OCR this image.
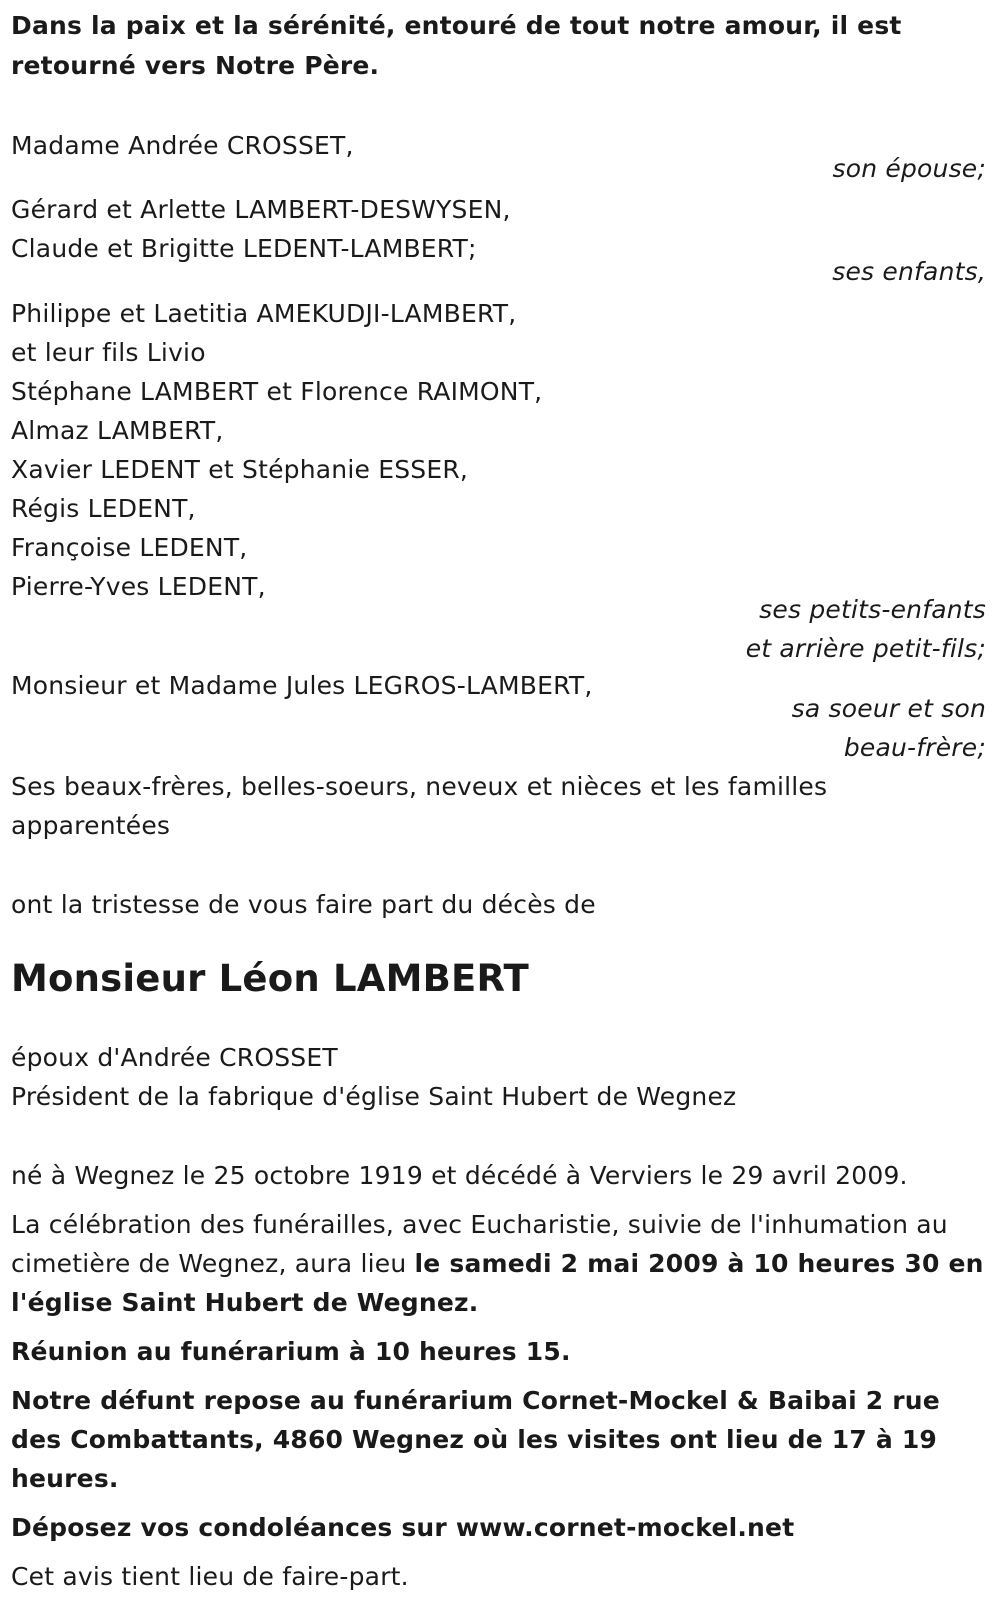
Dans la paix et la sérénité, entouré de tout notre amour, il est retourné vers Notre Père.

Madame Andrée CROSSET,
son épouse;
Gérard et Arlette LAMBERT-DESWYSEN,
Claude et Brigitte LEDENT-LAMBERT;
ses enfants,
Philippe et Laetitia AMEKUDJI-LAMBERT,
et leur fils Livio
Stéphane LAMBERT et Florence RAIMONT,
Almaz LAMBERT,
Xavier LEDENT et Stéphanie ESSER,
Régis LEDENT,
Françoise LEDENT,
Pierre-Yves LEDENT,
ses petits-enfants
et arrière petit-fils;
Monsieur et Madame Jules LEGROS-LAMBERT,
sa soeur et son
beau-frère;
Ses beaux-frères, belles-soeurs, neveux et nièces et les familles apparentées
ont la tristesse de vous faire part du décès de
Monsieur Léon LAMBERT
époux d'Andrée CROSSET
Président de la fabrique d'église Saint Hubert de Wegnez
né à Wegnez le 25 octobre 1919 et décédé à Verviers le 29 avril 2009.
La célébration des funérailles, avec Eucharistie, suivie de l'inhumation au cimetière de Wegnez, aura lieu le samedi 2 mai 2009 à 10 heures 30 en l'église Saint Hubert de Wegnez.
Réunion au funérarium à 10 heures 15.
Notre défunt repose au funérarium Cornet-Mockel & Baibai 2 rue des Combattants, 4860 Wegnez où les visites ont lieu de 17 à 19 heures.
Déposez vos condoléances sur www.cornet-mockel.net
Cet avis tient lieu de faire-part.
